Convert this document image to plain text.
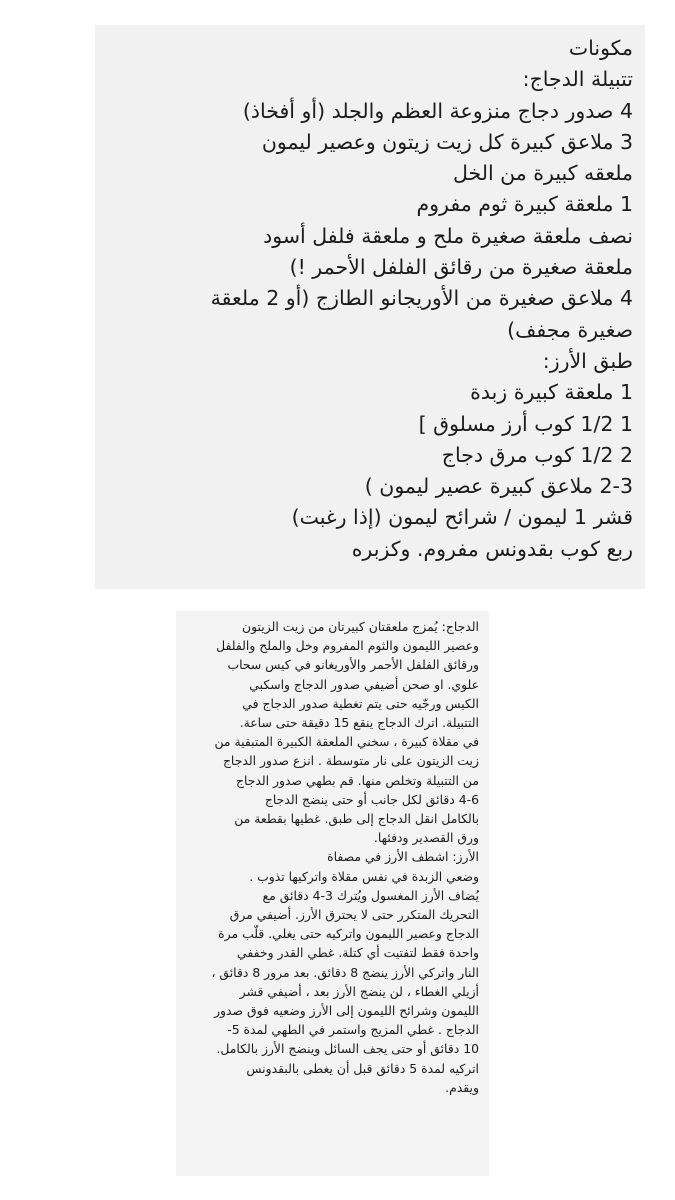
مكونات
تتبيلة الدجاج:
4 صدور دجاج منزوعة العظم والجلد (أو أفخاذ)
3 ملاعق كبيرة كل زيت زيتون وعصير ليمون
ملعقه كبيرة من الخل
1 ملعقة كبيرة ثوم مفروم
نصف ملعقة صغيرة ملح و ملعقة فلفل أسود
ملعقة صغيرة من رقائق الفلفل الأحمر !)
4 ملاعق صغيرة من الأوريجانو الطازج (أو 2 ملعقة
صغيرة مجفف)
طبق الأرز:
1 ملعقة كبيرة زبدة
1 1/2 كوب أرز مسلوق ]
2 1/2 كوب مرق دجاج
2-3 ملاعق كبيرة عصير ليمون )
قشر 1 ليمون / شرائح ليمون (إذا رغبت)
ربع كوب بقدونس مفروم. وكزبره
الدجاج: يُمزج ملعقتان كبيرتان من زيت الزيتون
وعصير الليمون والثوم المفروم وخل والملح والفلفل
ورقائق الفلفل الأحمر والأوريغانو في كيس سحاب
علوي. او صحن أضيفي صدور الدجاج واسكبي
الكيس ورجّيه حتى يتم تغطية صدور الدجاج في
التتبيلة. اترك الدجاج ينقع 15 دقيقة حتى ساعة.
في مقلاة كبيرة ، سخني الملعقة الكبيرة المتبقية من
زيت الزيتون على نار متوسطة . انزع صدور الدجاج
من التتبيلة وتخلص منها. قم بطهي صدور الدجاج
4-6 دقائق لكل جانب أو حتى ينضج الدجاج
بالكامل انقل الدجاج إلى طبق. غطيها بقطعة من
ورق القصدير ودفئها.
الأرز: اشطف الأرز في مصفاة
وضعي الزبدة في نفس مقلاة واتركيها تذوب .
يُضاف الأرز المغسول ويُترك 3-4 دقائق مع
التحريك المتكرر حتى لا يحترق الأرز. أضيفي مرق
الدجاج وعصير الليمون واتركيه حتى يغلي. قلّب مرة
واحدة فقط لتفتيت أي كتلة. غطي القدر وخففي
النار واتركي الأرز ينضج 8 دقائق. بعد مرور 8 دقائق ،
أزيلي الغطاء ، لن ينضج الأرز بعد ، أضيفي قشر
الليمون وشرائح الليمون إلى الأرز وضعيه فوق صدور
الدجاج . غطي المزيج واستمر في الطهي لمدة 5-
10 دقائق أو حتى يجف السائل وينضج الأرز بالكامل.
اتركيه لمدة 5 دقائق قبل أن يغطى بالبقدونس
ويقدم.
